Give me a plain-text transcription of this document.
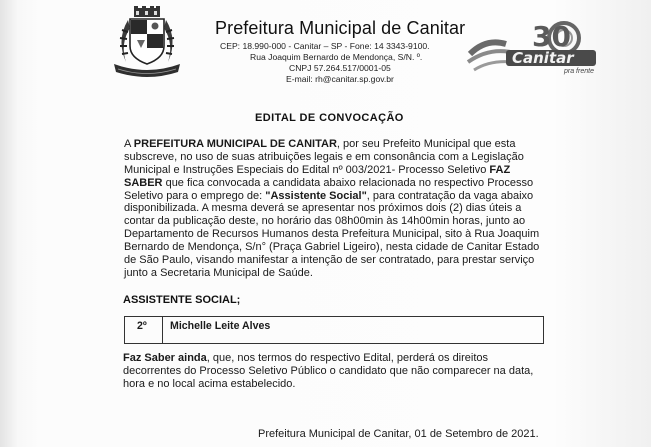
Prefeitura Municipal de Canitar
CEP: 18.990-000 - Canitar – SP - Fone: 14 3343-9100.
Rua Joaquim Bernardo de Mendonça, S/N. º.
CNPJ 57.264.517/0001-05
E-mail: rh@canitar.sp.gov.br
30
Canitar
pra frente
EDITAL DE CONVOCAÇÃO
A PREFEITURA MUNICIPAL DE CANITAR, por seu Prefeito Municipal que esta
subscreve, no uso de suas atribuições legais e em consonância com a Legislação
Municipal e Instruções Especiais do Edital nº 003/2021- Processo Seletivo FAZ
SABER que fica convocada a candidata abaixo relacionada no respectivo Processo
Seletivo para o emprego de: "Assistente Social", para contratação da vaga abaixo
disponibilizada. A mesma deverá se apresentar nos próximos dois (2) dias úteis a
contar da publicação deste, no horário das 08h00min às 14h00min horas, junto ao
Departamento de Recursos Humanos desta Prefeitura Municipal, sito à Rua Joaquim
Bernardo de Mendonça, S/n° (Praça Gabriel Ligeiro), nesta cidade de Canitar Estado
de São Paulo, visando manifestar a intenção de ser contratado, para prestar serviço
junto a Secretaria Municipal de Saúde.
ASSISTENTE SOCIAL;
2º	Michelle Leite Alves
Faz Saber ainda, que, nos termos do respectivo Edital, perderá os direitos
decorrentes do Processo Seletivo Público o candidato que não comparecer na data,
hora e no local acima estabelecido.
Prefeitura Municipal de Canitar, 01 de Setembro de 2021.
